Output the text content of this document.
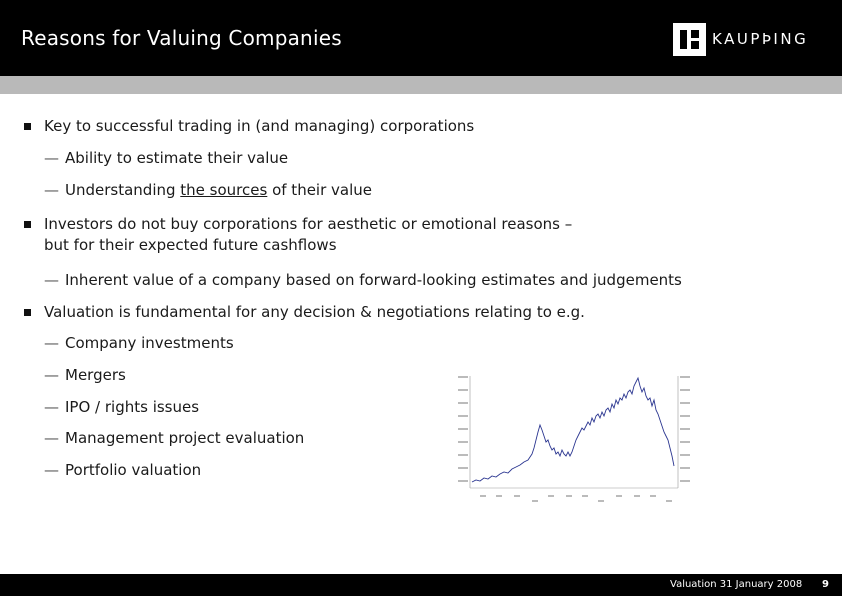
Reasons for Valuing Companies	KAUPÞING
Key to successful trading in (and managing) corporations
— Ability to estimate their value
— Understanding the sources of their value
Investors do not buy corporations for aesthetic or emotional reasons –
but for their expected future cashflows
— Inherent value of a company based on forward-looking estimates and judgements
Valuation is fundamental for any decision & negotiations relating to e.g.
— Company investments
— Mergers
— IPO / rights issues
— Management project evaluation
— Portfolio valuation
Valuation 31 January 2008 9
